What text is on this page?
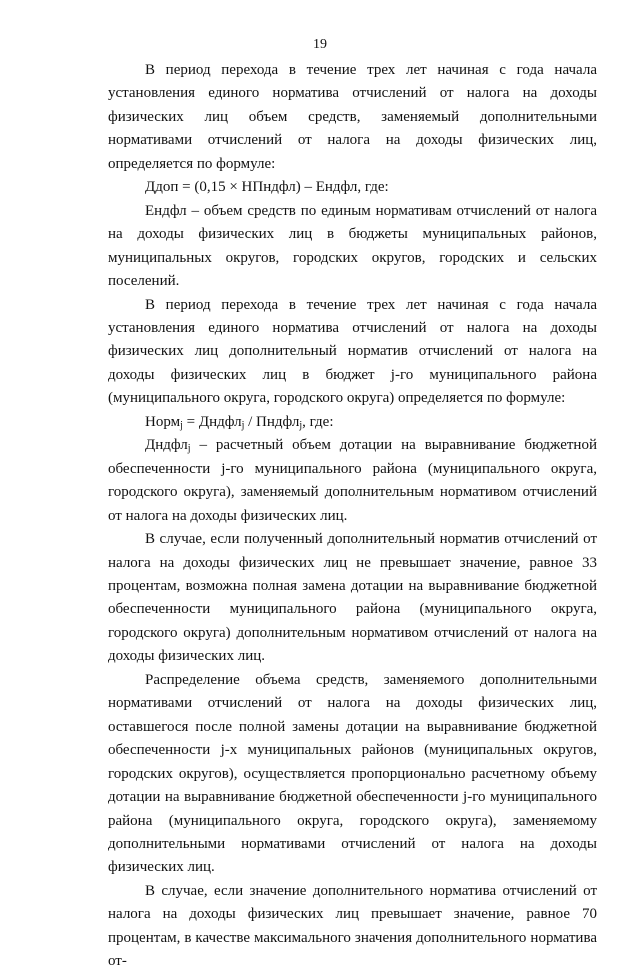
19

В период перехода в течение трех лет начиная с года начала установления единого норматива отчислений от налога на доходы физических лиц объем средств, заменяемый дополнительными нормативами отчислений от налога на доходы физических лиц, определяется по формуле:

Ддоп = (0,15 × НПндфл) – Ендфл, где:

Ендфл – объем средств по единым нормативам отчислений от налога на доходы физических лиц в бюджеты муниципальных районов, муниципальных округов, городских округов, городских и сельских поселений.

В период перехода в течение трех лет начиная с года начала установления единого норматива отчислений от налога на доходы физических лиц дополнительный норматив отчислений от налога на доходы физических лиц в бюджет j-го муниципального района (муниципального округа, городского округа) определяется по формуле:

Норм$_j$ = Дндфл$_j$ / Пндфл$_j$, где:

Дндфл$_j$ – расчетный объем дотации на выравнивание бюджетной обеспеченности j-го муниципального района (муниципального округа, городского округа), заменяемый дополнительным нормативом отчислений от налога на доходы физических лиц.

В случае, если полученный дополнительный норматив отчислений от налога на доходы физических лиц не превышает значение, равное 33 процентам, возможна полная замена дотации на выравнивание бюджетной обеспеченности муниципального района (муниципального округа, городского округа) дополнительным нормативом отчислений от налога на доходы физических лиц.

Распределение объема средств, заменяемого дополнительными нормативами отчислений от налога на доходы физических лиц, оставшегося после полной замены дотации на выравнивание бюджетной обеспеченности j-х муниципальных районов (муниципальных округов, городских округов), осуществляется пропорционально расчетному объему дотации на выравнивание бюджетной обеспеченности j-го муниципального района (муниципального округа, городского округа), заменяемому дополнительными нормативами отчислений от налога на доходы физических лиц.

В случае, если значение дополнительного норматива отчислений от налога на доходы физических лиц превышает значение, равное 70 процентам, в качестве максимального значения дополнительного норматива от-
